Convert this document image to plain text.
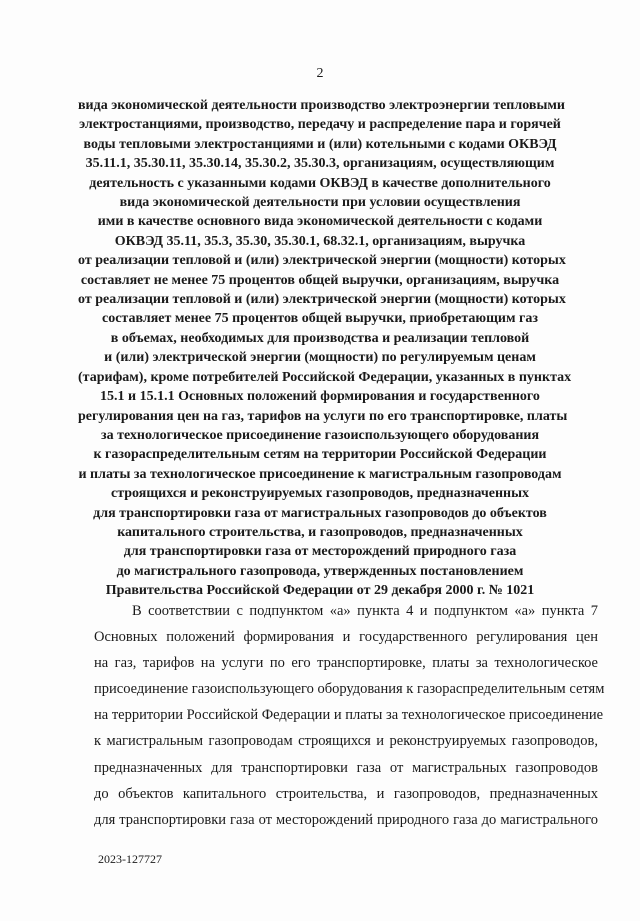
2
вида экономической деятельности производство электроэнергии тепловыми
электростанциями, производство, передачу и распределение пара и горячей
воды тепловыми электростанциями и (или) котельными с кодами ОКВЭД
35.11.1, 35.30.11, 35.30.14, 35.30.2, 35.30.3, организациям, осуществляющим
деятельность с указанными кодами ОКВЭД в качестве дополнительного
вида экономической деятельности при условии осуществления
ими в качестве основного вида экономической деятельности с кодами
ОКВЭД 35.11, 35.3, 35.30, 35.30.1, 68.32.1, организациям, выручка
от реализации тепловой и (или) электрической энергии (мощности) которых
составляет не менее 75 процентов общей выручки, организациям, выручка
от реализации тепловой и (или) электрической энергии (мощности) которых
составляет менее 75 процентов общей выручки, приобретающим газ
в объемах, необходимых для производства и реализации тепловой
и (или) электрической энергии (мощности) по регулируемым ценам
(тарифам), кроме потребителей Российской Федерации, указанных в пунктах
15.1 и 15.1.1 Основных положений формирования и государственного
регулирования цен на газ, тарифов на услуги по его транспортировке, платы
за технологическое присоединение газоиспользующего оборудования
к газораспределительным сетям на территории Российской Федерации
и платы за технологическое присоединение к магистральным газопроводам
строящихся и реконструируемых газопроводов, предназначенных
для транспортировки газа от магистральных газопроводов до объектов
капитального строительства, и газопроводов, предназначенных
для транспортировки газа от месторождений природного газа
до магистрального газопровода, утвержденных постановлением
Правительства Российской Федерации от 29 декабря 2000 г. № 1021
В соответствии с подпунктом «а» пункта 4 и подпунктом «а» пункта 7
Основных положений формирования и государственного регулирования цен
на газ, тарифов на услуги по его транспортировке, платы за технологическое
присоединение газоиспользующего оборудования к газораспределительным сетям
на территории Российской Федерации и платы за технологическое присоединение
к магистральным газопроводам строящихся и реконструируемых газопроводов,
предназначенных для транспортировки газа от магистральных газопроводов
до объектов капитального строительства, и газопроводов, предназначенных
для транспортировки газа от месторождений природного газа до магистрального
2023-127727
